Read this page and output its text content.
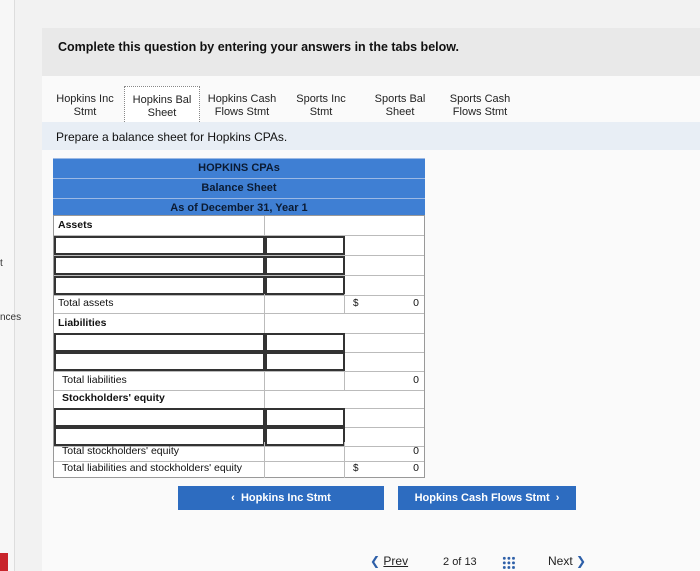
t
nces
Complete this question by entering your answers in the tabs below.
Hopkins Inc
Stmt
Hopkins Bal
Sheet
Hopkins Cash
Flows Stmt
Sports Inc
Stmt
Sports Bal
Sheet
Sports Cash
Flows Stmt
Prepare a balance sheet for Hopkins CPAs.
HOPKINS CPAs
Balance Sheet
As of December 31, Year 1
Assets
Total assets	$	0
Liabilities
Total liabilities	0
Stockholders' equity
Total stockholders' equity	0
Total liabilities and stockholders' equity	$	0
‹ Hopkins Inc Stmt	Hopkins Cash Flows Stmt ›
❮ Prev	2 of 13	Next ❯
